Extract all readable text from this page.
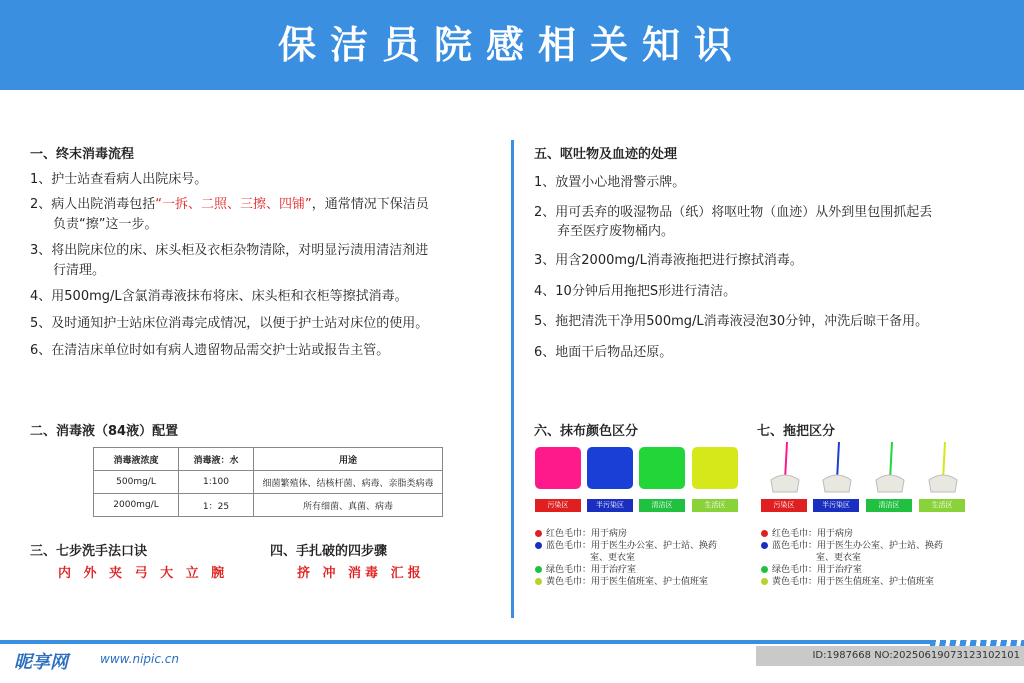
保洁员院感相关知识
一、终末消毒流程
1、护士站查看病人出院床号。
2、病人出院消毒包括“一拆、二照、三擦、四铺”，通常情况下保洁员
负责“擦”这一步。
3、将出院床位的床、床头柜及衣柜杂物清除，对明显污渍用清洁剂进
行清理。
4、用500mg/L含氯消毒液抹布将床、床头柜和衣柜等擦拭消毒。
5、及时通知护士站床位消毒完成情况，以便于护士站对床位的使用。
6、在清洁床单位时如有病人遗留物品需交护士站或报告主管。
二、消毒液（84液）配置
消毒液浓度	消毒液：水	用途
500mg/L	1:100	细菌繁殖体、结核杆菌、病毒、亲脂类病毒
2000mg/L	1：25	所有细菌、真菌、病毒
三、七步洗手法口诀
内 外 夹 弓 大 立 腕
四、手扎破的四步骤
挤 冲 消毒 汇报
五、呕吐物及血迹的处理
1、放置小心地滑警示牌。
2、用可丢弃的吸湿物品（纸）将呕吐物（血迹）从外到里包围抓起丢
弃至医疗废物桶内。
3、用含2000mg/L消毒液拖把进行擦拭消毒。
4、10分钟后用拖把S形进行清洁。
5、拖把清洗干净用500mg/L消毒液浸泡30分钟，冲洗后晾干备用。
6、地面干后物品还原。
六、抹布颜色区分
污染区	半污染区	清洁区	生活区
红色毛巾：用于病房
蓝色毛巾：用于医生办公室、护士站、换药
室、更衣室
绿色毛巾：用于治疗室
黄色毛巾：用于医生值班室、护士值班室
七、拖把区分
污染区	半污染区	清洁区	生活区
红色毛巾：用于病房
蓝色毛巾：用于医生办公室、护士站、换药
室、更衣室
绿色毛巾：用于治疗室
黄色毛巾：用于医生值班室、护士值班室
昵享网	www.nipic.cn	ID:1987668 NO:20250619073123102101
